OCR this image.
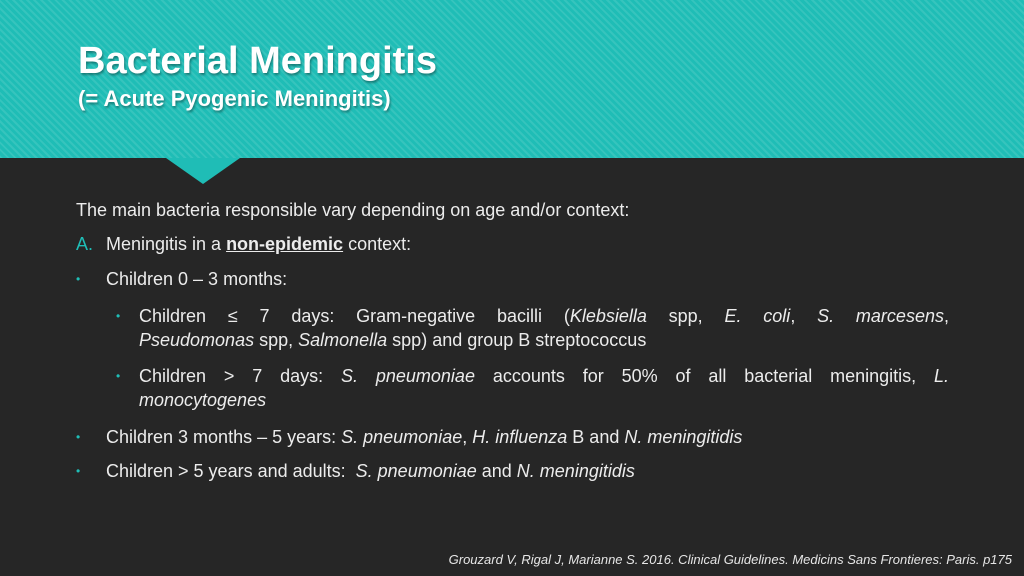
Bacterial Meningitis
(= Acute Pyogenic Meningitis)
The main bacteria responsible vary depending on age and/or context:
A. Meningitis in a non-epidemic context:
• Children 0 – 3 months:
• Children ≤ 7 days: Gram-negative bacilli (Klebsiella spp, E. coli, S. marcesens,
Pseudomonas spp, Salmonella spp) and group B streptococcus
• Children > 7 days: S. pneumoniae accounts for 50% of all bacterial meningitis, L.
monocytogenes
• Children 3 months – 5 years: S. pneumoniae, H. influenza B and N. meningitidis
• Children > 5 years and adults:  S. pneumoniae and N. meningitidis
Grouzard V, Rigal J, Marianne S. 2016. Clinical Guidelines. Medicins Sans Frontieres: Paris. p175
